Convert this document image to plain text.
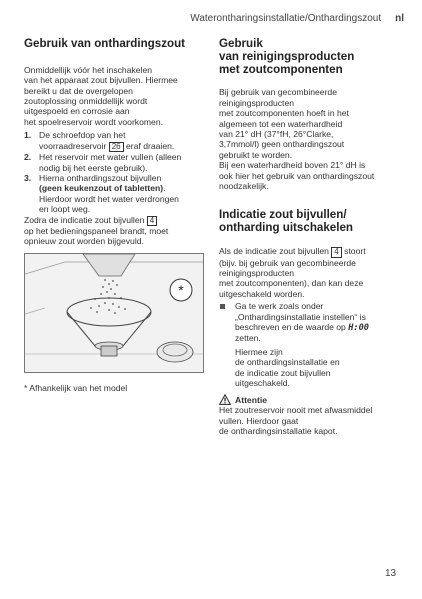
Waterontharingsinstallatie/Onthardingszout nl
Gebruik van onthardingszout
Onmiddellijk vóór het inschakelen
van het apparaat zout bijvullen. Hiermee
bereikt u dat de overgelopen
zoutoplossing onmiddellijk wordt
uitgespoeld en corrosie aan
het spoelreservoir wordt voorkomen.
1. De schroefdop van het
voorraadreservoir 26 eraf draaien.
2. Het reservoir met water vullen (alleen
nodig bij het eerste gebruik).
3. Hierna onthardingszout bijvullen
(geen keukenzout of tabletten).
Hierdoor wordt het water verdrongen
en loopt weg.
Zodra de indicatie zout bijvullen 4
op het bedieningspaneel brandt, moet
opnieuw zout worden bijgevuld.
*
* Afhankelijk van het model
Gebruik
van reinigingsproducten
met zoutcomponenten
Bij gebruik van gecombineerde
reinigingsproducten
met zoutcomponenten hoeft in het
algemeen tot een waterhardheid
van 21° dH (37°fH, 26°Clarke,
3,7mmol/l) geen onthardingszout
gebruikt te worden.
Bij een waterhardheid boven 21° dH is
ook hier het gebruik van onthardingszout
noodzakelijk.
Indicatie zout bijvullen/
ontharding uitschakelen
Als de indicatie zout bijvullen 4 stoort
(bijv. bij gebruik van gecombineerde
reinigingsproducten
met zoutcomponenten), dan kan deze
uitgeschakeld worden.
Ga te werk zoals onder
„Onthardingsinstallatie instellen“ is
beschreven en de waarde op H:00
zetten.
Hiermee zijn
de onthardingsinstallatie en
de indicatie zout bijvullen
uitgeschakeld.
Attentie
Het zoutreservoir nooit met afwasmiddel
vullen. Hierdoor gaat
de onthardingsinstallatie kapot.
13
